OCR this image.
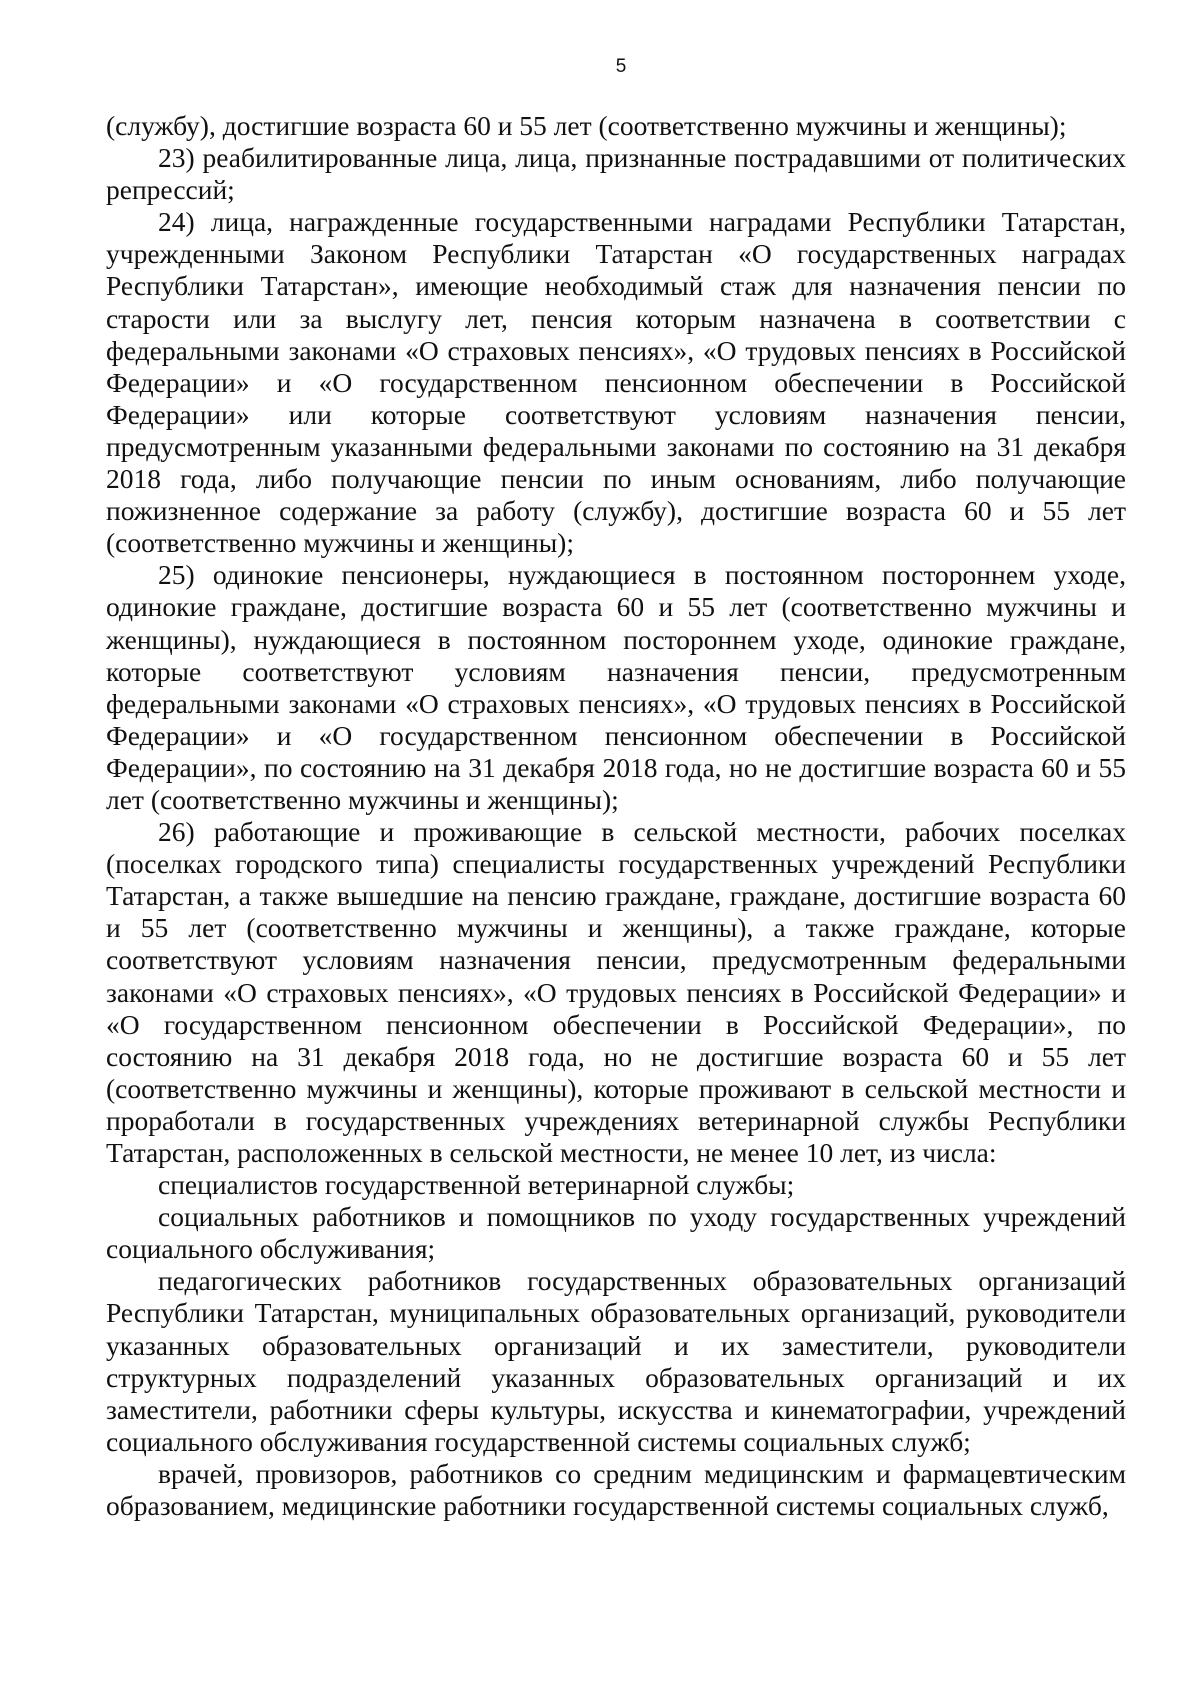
5

(службу), достигшие возраста 60 и 55 лет (соответственно мужчины и женщины);

23) реабилитированные лица, лица, признанные пострадавшими от политических репрессий;

24) лица, награжденные государственными наградами Республики Татарстан, учрежденными Законом Республики Татарстан «О государственных наградах Республики Татарстан», имеющие необходимый стаж для назначения пенсии по старости или за выслугу лет, пенсия которым назначена в соответствии с федеральными законами «О страховых пенсиях», «О трудовых пенсиях в Российской Федерации» и «О государственном пенсионном обеспечении в Российской Федерации» или которые соответствуют условиям назначения пенсии, предусмотренным указанными федеральными законами по состоянию на 31 декабря 2018 года, либо получающие пенсии по иным основаниям, либо получающие пожизненное содержание за работу (службу), достигшие возраста 60 и 55 лет (соответственно мужчины и женщины);

25) одинокие пенсионеры, нуждающиеся в постоянном постороннем уходе, одинокие граждане, достигшие возраста 60 и 55 лет (соответственно мужчины и женщины), нуждающиеся в постоянном постороннем уходе, одинокие граждане, которые соответствуют условиям назначения пенсии, предусмотренным федеральными законами «О страховых пенсиях», «О трудовых пенсиях в Российской Федерации» и «О государственном пенсионном обеспечении в Российской Федерации», по состоянию на 31 декабря 2018 года, но не достигшие возраста 60 и 55 лет (соответственно мужчины и женщины);

26) работающие и проживающие в сельской местности, рабочих поселках (поселках городского типа) специалисты государственных учреждений Республики Татарстан, а также вышедшие на пенсию граждане, граждане, достигшие возраста 60 и 55 лет (соответственно мужчины и женщины), а также граждане, которые соответствуют условиям назначения пенсии, предусмотренным федеральными законами «О страховых пенсиях», «О трудовых пенсиях в Российской Федерации» и «О государственном пенсионном обеспечении в Российской Федерации», по состоянию на 31 декабря 2018 года, но не достигшие возраста 60 и 55 лет (соответственно мужчины и женщины), которые проживают в сельской местности и проработали в государственных учреждениях ветеринарной службы Республики Татарстан, расположенных в сельской местности, не менее 10 лет, из числа:

специалистов государственной ветеринарной службы;

социальных работников и помощников по уходу государственных учреждений социального обслуживания;

педагогических работников государственных образовательных организаций Республики Татарстан, муниципальных образовательных организаций, руководители указанных образовательных организаций и их заместители, руководители структурных подразделений указанных образовательных организаций и их заместители, работники сферы культуры, искусства и кинематографии, учреждений социального обслуживания государственной системы социальных служб;

врачей, провизоров, работников со средним медицинским и фармацевтическим образованием, медицинские работники государственной системы социальных служб,
